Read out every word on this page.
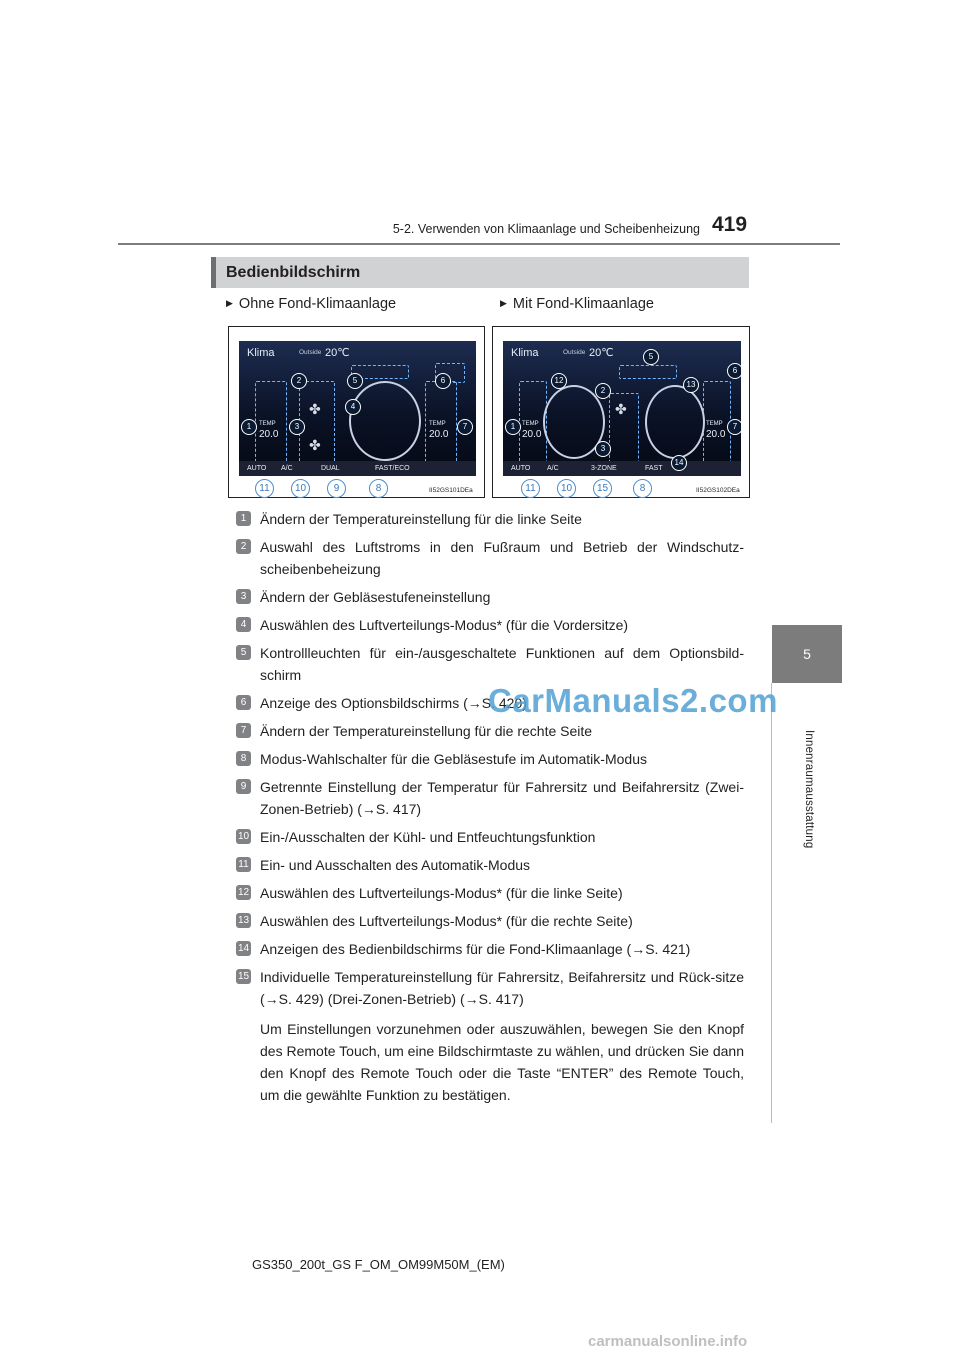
5-2. Verwenden von Klimaanlage und Scheibenheizung 419
5
Innenraumausstattung
Bedienbildschirm
▶ Ohne Fond-Klimaanlage	▶ Mit Fond-Klimaanlage
Klima	Outside 20℃
TEMP
20.0
TEMP
20.0
✤
✤
AUTO A/C	DUAL	FAST/ECO
2	5	6
4
1	3	7
11	10	9	8	II52GS101DEa
Klima	Outside 20℃
TEMP
20.0
TEMP
20.0
✤
AUTO A/C	3-ZONE	FAST
5
12
2
13
6
1	7
3
14
11	10	15	8	II52GS102DEa
1 Ändern der Temperatureinstellung für die linke Seite
2 Auswahl des Luftstroms in den Fußraum und Betrieb der Windschutz-scheibenbeheizung
3 Ändern der Gebläsestufeneinstellung
4 Auswählen des Luftverteilungs-Modus* (für die Vordersitze)
5 Kontrollleuchten für ein-/ausgeschaltete Funktionen auf dem Optionsbild-schirm
6 Anzeige des Optionsbildschirms (→S. 420)
7 Ändern der Temperatureinstellung für die rechte Seite
8 Modus-Wahlschalter für die Gebläsestufe im Automatik-Modus
9 Getrennte Einstellung der Temperatur für Fahrersitz und Beifahrersitz (Zwei-Zonen-Betrieb) (→S. 417)
10 Ein-/Ausschalten der Kühl- und Entfeuchtungsfunktion
11 Ein- und Ausschalten des Automatik-Modus
12 Auswählen des Luftverteilungs-Modus* (für die linke Seite)
13 Auswählen des Luftverteilungs-Modus* (für die rechte Seite)
14 Anzeigen des Bedienbildschirms für die Fond-Klimaanlage (→S. 421)
15 Individuelle Temperatureinstellung für Fahrersitz, Beifahrersitz und Rück-sitze (→S. 429) (Drei-Zonen-Betrieb) (→S. 417)
Um Einstellungen vorzunehmen oder auszuwählen, bewegen Sie den Knopf des Remote Touch, um eine Bildschirmtaste zu wählen, und drücken Sie dann den Knopf des Remote Touch oder die Taste “ENTER” des Remote Touch, um die gewählte Funktion zu bestätigen.
GS350_200t_GS F_OM_OM99M50M_(EM)
CarManuals2.com
carmanualsonline.info
